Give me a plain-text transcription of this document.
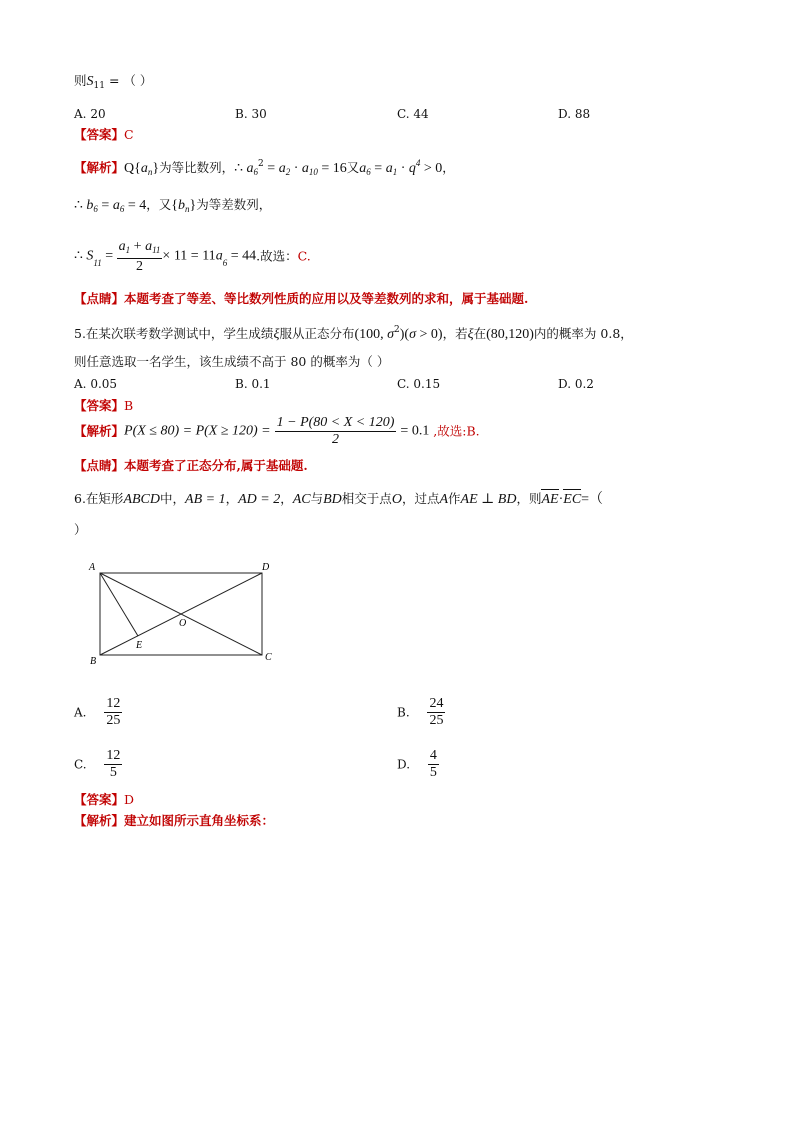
则$S_{11}$ = （ ）
A. 20	B. 30	C. 44	D. 88
【答案】C
【解析】$Q\{a_n\}$为等比数列，∴ $a_6^2 = a_2 \cdot a_{10} = 16$又$a_6 = a_1 \cdot q^4 > 0$，
∴ $b_6 = a_6 = 4$，又$\{b_n\}$为等差数列，
∴ $S_{11} = \frac{a_1 + a_{11}}{2} \times 11 = 11a_6 = 44$.故选：C.
【点睛】本题考查了等差、等比数列性质的应用以及等差数列的求和，属于基础题.
5.在某次联考数学测试中，学生成绩ξ服从正态分布(100, $\sigma^2)(\sigma > 0)$，若ξ在(80,120)内的概率为 0.8，
则任意选取一名学生，该生成绩不高于 80 的概率为（ ）
A. 0.05	B. 0.1	C. 0.15	D. 0.2
【答案】B
【解析】$P(X \le 80) = P(X \ge 120) = \frac{1 - P(80 < X < 120)}{2} = 0.1$ ,故选:B.
【点睛】本题考查了正态分布,属于基础题.
6.在矩形ABCD中，AB = 1，AD = 2，AC与BD相交于点O，过点A作AE ⊥ BD，则AE·EC=（
）
A
B	C
D
E
O
A. $\frac{12}{25}$	B. $\frac{24}{25}$
C. $\frac{12}{5}$	D. $\frac{4}{5}$
【答案】D
【解析】建立如图所示直角坐标系：
